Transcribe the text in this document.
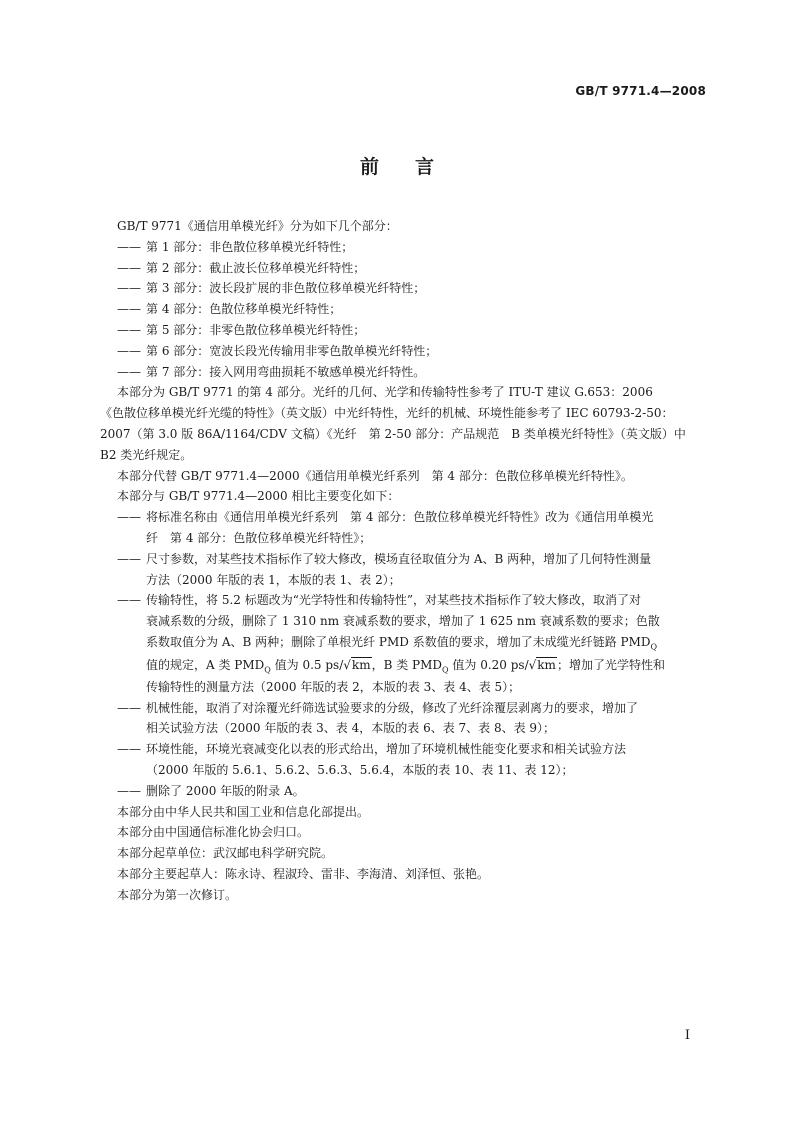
GB/T 9771.4—2008
前言
GB/T 9771《通信用单模光纤》分为如下几个部分：
—— 第 1 部分：非色散位移单模光纤特性；
—— 第 2 部分：截止波长位移单模光纤特性；
—— 第 3 部分：波长段扩展的非色散位移单模光纤特性；
—— 第 4 部分：色散位移单模光纤特性；
—— 第 5 部分：非零色散位移单模光纤特性；
—— 第 6 部分：宽波长段光传输用非零色散单模光纤特性；
—— 第 7 部分：接入网用弯曲损耗不敏感单模光纤特性。
本部分为 GB/T 9771 的第 4 部分。光纤的几何、光学和传输特性参考了 ITU-T 建议 G.653：2006
《色散位移单模光纤光缆的特性》（英文版）中光纤特性，光纤的机械、环境性能参考了 IEC 60793-2-50：
2007（第 3.0 版 86A/1164/CDV 文稿）《光纤　第 2-50 部分：产品规范　B 类单模光纤特性》（英文版）中
B2 类光纤规定。
本部分代替 GB/T 9771.4—2000《通信用单模光纤系列　第 4 部分：色散位移单模光纤特性》。
本部分与 GB/T 9771.4—2000 相比主要变化如下：
—— 将标准名称由《通信用单模光纤系列　第 4 部分：色散位移单模光纤特性》改为《通信用单模光
纤　第 4 部分：色散位移单模光纤特性》；
—— 尺寸参数，对某些技术指标作了较大修改，模场直径取值分为 A、B 两种，增加了几何特性测量
方法（2000 年版的表 1，本版的表 1、表 2）；
—— 传输特性，将 5.2 标题改为“光学特性和传输特性”，对某些技术指标作了较大修改，取消了对
衰减系数的分级，删除了 1 310 nm 衰减系数的要求，增加了 1 625 nm 衰减系数的要求；色散
系数取值分为 A、B 两种；删除了单根光纤 PMD 系数值的要求，增加了未成缆光纤链路 $PMD_Q$
值的规定，A 类 $PMD_Q$ 值为 0.5 ps/√km，B 类 $PMD_Q$ 值为 0.20 ps/√km；增加了光学特性和
传输特性的测量方法（2000 年版的表 2，本版的表 3、表 4、表 5）；
—— 机械性能，取消了对涂覆光纤筛选试验要求的分级，修改了光纤涂覆层剥离力的要求，增加了
相关试验方法（2000 年版的表 3、表 4，本版的表 6、表 7、表 8、表 9）；
—— 环境性能，环境光衰减变化以表的形式给出，增加了环境机械性能变化要求和相关试验方法
（2000 年版的 5.6.1、5.6.2、5.6.3、5.6.4，本版的表 10、表 11、表 12）；
—— 删除了 2000 年版的附录 A。
本部分由中华人民共和国工业和信息化部提出。
本部分由中国通信标准化协会归口。
本部分起草单位：武汉邮电科学研究院。
本部分主要起草人：陈永诗、程淑玲、雷非、李海清、刘泽恒、张艳。
本部分为第一次修订。
I
